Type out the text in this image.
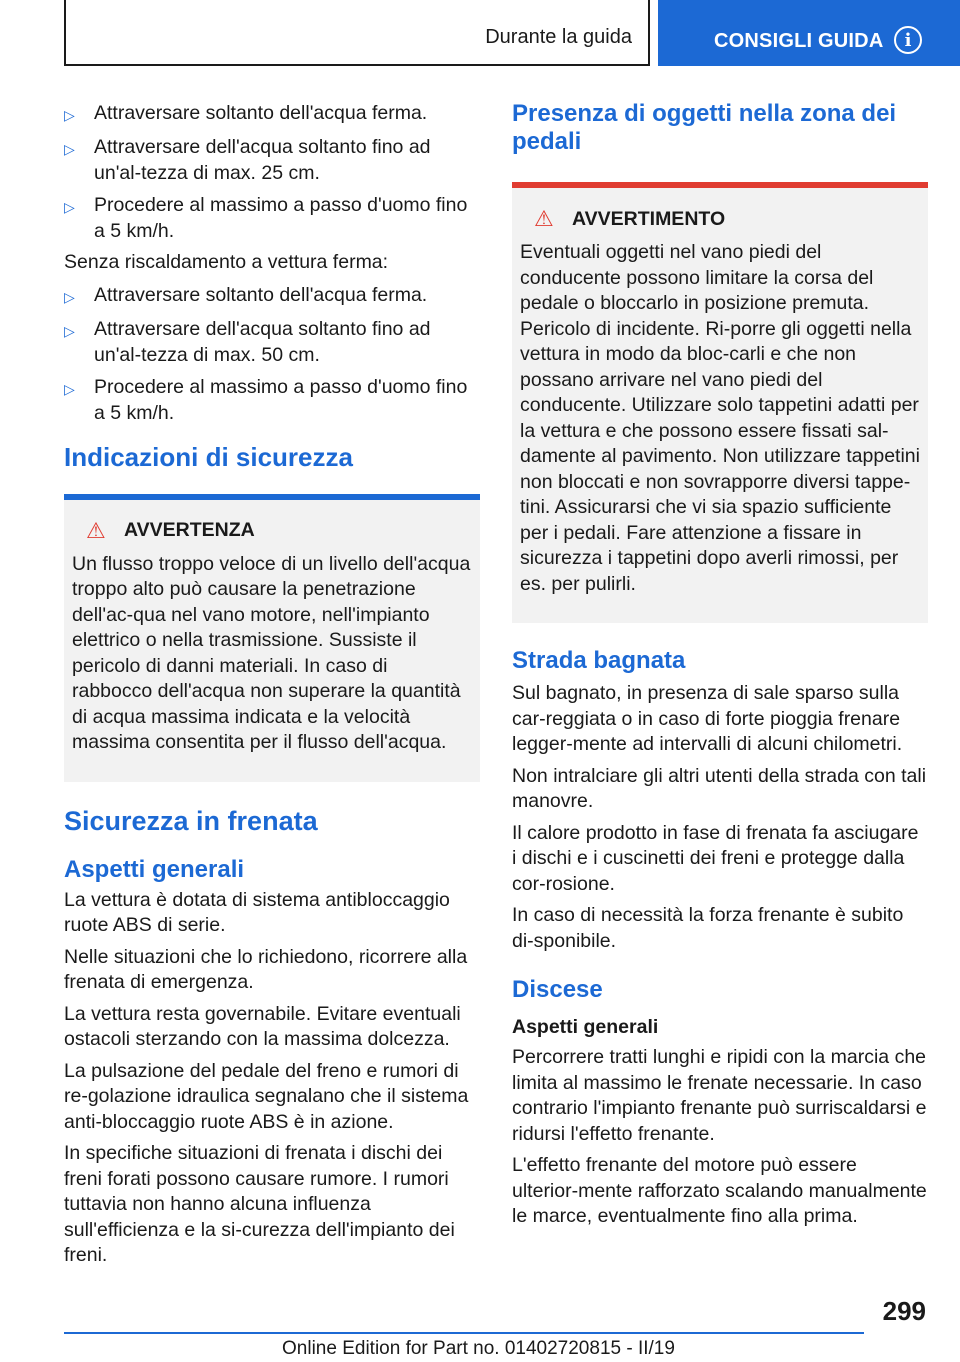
Durante la guida	CONSIGLI GUIDA	i
▷ Attraversare soltanto dell'acqua ferma.
▷ Attraversare dell'acqua soltanto fino ad un'al-tezza di max. 25 cm.
▷ Procedere al massimo a passo d'uomo fino a 5 km/h.

Senza riscaldamento a vettura ferma:

▷ Attraversare soltanto dell'acqua ferma.
▷ Attraversare dell'acqua soltanto fino ad un'al-tezza di max. 50 cm.
▷ Procedere al massimo a passo d'uomo fino a 5 km/h.
Indicazioni di sicurezza
⚠ AVVERTENZA
Un flusso troppo veloce di un livello dell'acqua troppo alto può causare la penetrazione dell'ac-qua nel vano motore, nell'impianto elettrico o nella trasmissione. Sussiste il pericolo di danni materiali. In caso di rabbocco dell'acqua non superare la quantità di acqua massima indicata e la velocità massima consentita per il flusso dell'acqua.
Sicurezza in frenata
Aspetti generali

La vettura è dotata di sistema antibloccaggio ruote ABS di serie.

Nelle situazioni che lo richiedono, ricorrere alla frenata di emergenza.

La vettura resta governabile. Evitare eventuali ostacoli sterzando con la massima dolcezza.

La pulsazione del pedale del freno e rumori di re-golazione idraulica segnalano che il sistema anti-bloccaggio ruote ABS è in azione.

In specifiche situazioni di frenata i dischi dei freni forati possono causare rumore. I rumori tuttavia non hanno alcuna influenza sull'efficienza e la si-curezza dell'impianto dei freni.

Presenza di oggetti nella zona dei pedali
⚠ AVVERTIMENTO
Eventuali oggetti nel vano piedi del conducente possono limitare la corsa del pedale o bloccarlo in posizione premuta. Pericolo di incidente. Ri-porre gli oggetti nella vettura in modo da bloc-carli e che non possano arrivare nel vano piedi del conducente. Utilizzare solo tappetini adatti per la vettura e che possono essere fissati sal-damente al pavimento. Non utilizzare tappetini non bloccati e non sovrapporre diversi tappe-tini. Assicurarsi che vi sia spazio sufficiente per i pedali. Fare attenzione a fissare in sicurezza i tappetini dopo averli rimossi, per es. per pulirli.
Strada bagnata

Sul bagnato, in presenza di sale sparso sulla car-reggiata o in caso di forte pioggia frenare legger-mente ad intervalli di alcuni chilometri.

Non intralciare gli altri utenti della strada con tali manovre.

Il calore prodotto in fase di frenata fa asciugare i dischi e i cuscinetti dei freni e protegge dalla cor-rosione.

In caso di necessità la forza frenante è subito di-sponibile.

Discese
Aspetti generali

Percorrere tratti lunghi e ripidi con la marcia che limita al massimo le frenate necessarie. In caso contrario l'impianto frenante può surriscaldarsi e ridursi l'effetto frenante.

L'effetto frenante del motore può essere ulterior-mente rafforzato scalando manualmente le marce, eventualmente fino alla prima.

299
Online Edition for Part no. 01402720815 - II/19
